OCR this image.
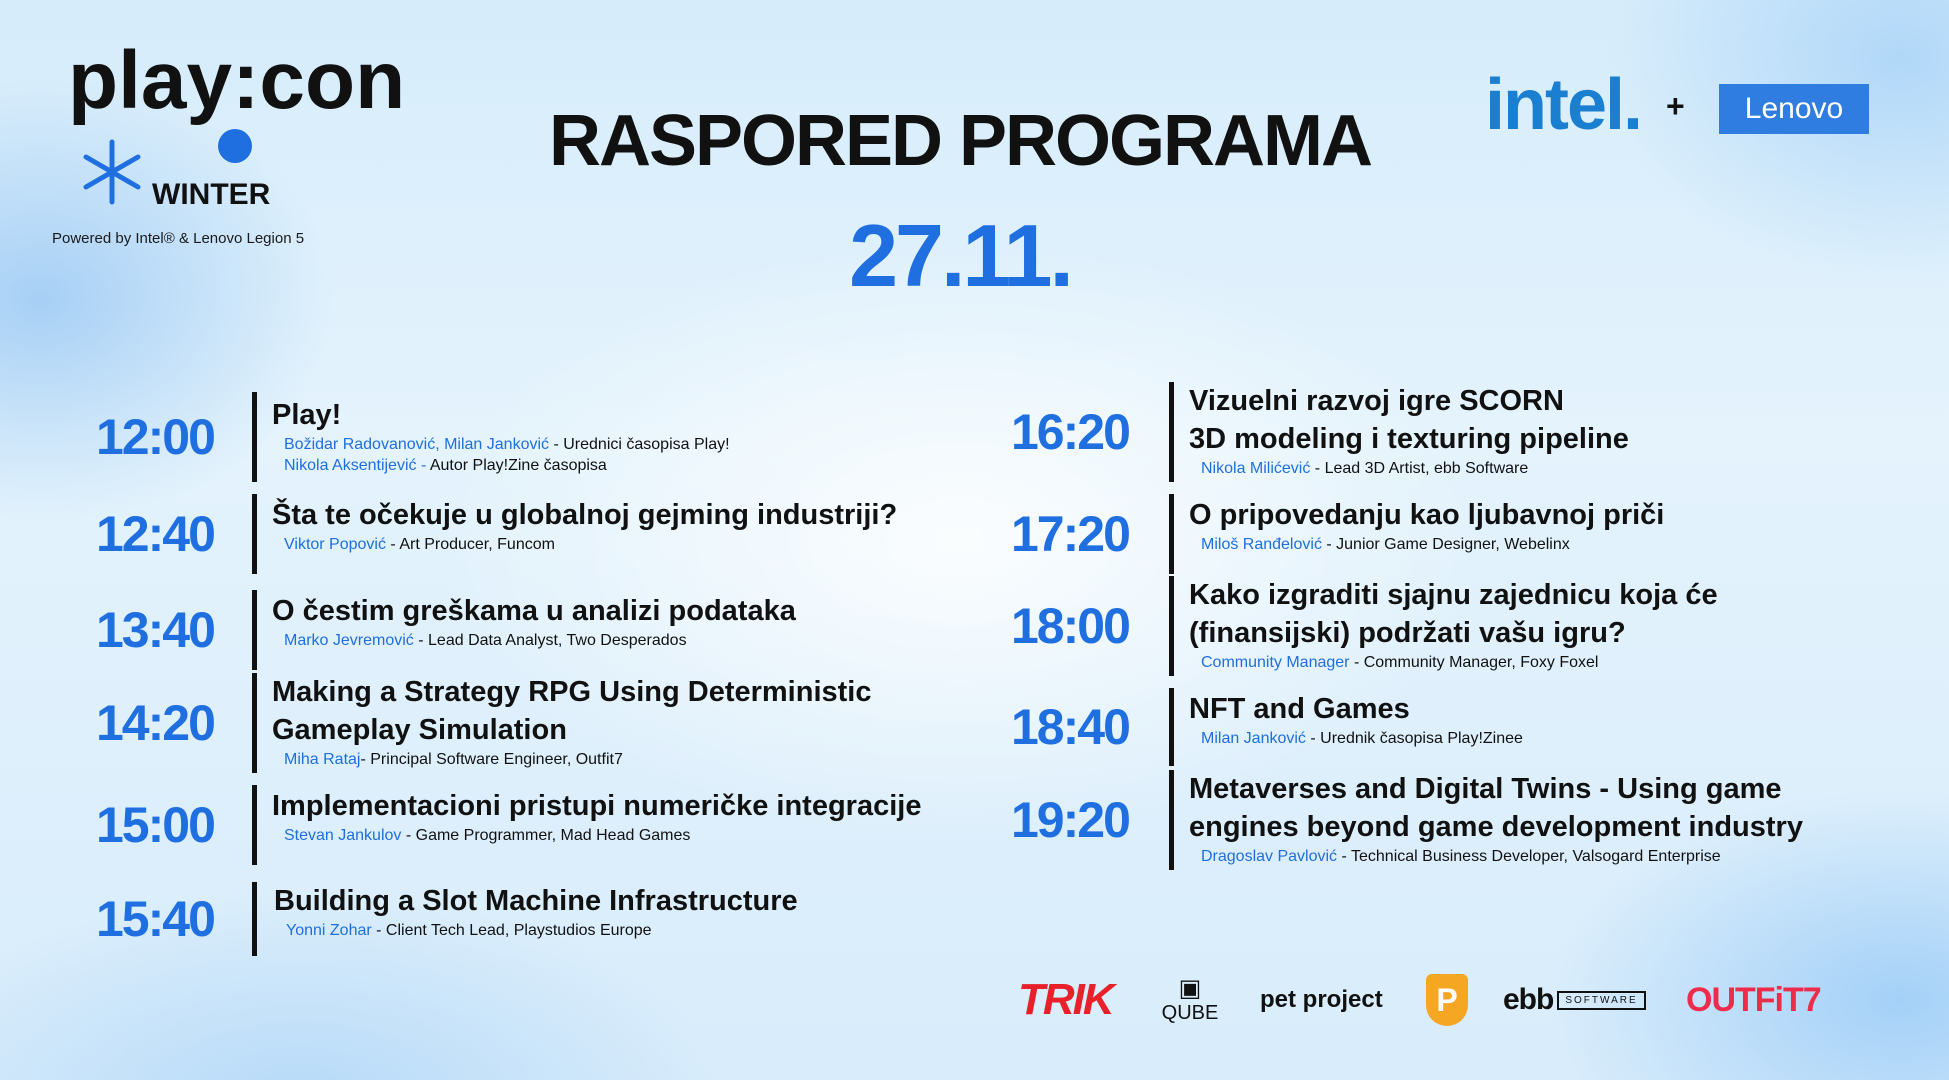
play:con
WINTER
Powered by Intel® & Lenovo Legion 5
RASPORED PROGRAMA
27.11.
intel. +	Lenovo
12:00 Play!
Božidar Radovanović, Milan Janković - Urednici časopisa Play!
Nikola Aksentijević - Autor Play!Zine časopisa
12:40 Šta te očekuje u globalnoj gejming industriji?
Viktor Popović - Art Producer, Funcom
13:40 O čestim greškama u analizi podataka
Marko Jevremović - Lead Data Analyst, Two Desperados
14:20
Making a Strategy RPG Using Deterministic
Gameplay Simulation
Miha Rataj- Principal Software Engineer, Outfit7
15:00 Implementacioni pristupi numeričke integracije
Stevan Jankulov - Game Programmer, Mad Head Games
15:40 Building a Slot Machine Infrastructure
Yonni Zohar - Client Tech Lead, Playstudios Europe
16:20
Vizuelni razvoj igre SCORN
3D modeling i texturing pipeline
Nikola Milićević - Lead 3D Artist, ebb Software
17:20 O pripovedanju kao ljubavnoj priči
Miloš Ranđelović - Junior Game Designer, Webelinx
18:00
Kako izgraditi sjajnu zajednicu koja će
(finansijski) podržati vašu igru?
Community Manager - Community Manager, Foxy Foxel
18:40 NFT and Games
Milan Janković - Urednik časopisa Play!Zinee
19:20
Metaverses and Digital Twins - Using game
engines beyond game development industry
Dragoslav Pavlović - Technical Business Developer, Valsogard Enterprise
TRIK	▣
QUBE pet project	P	ebb	SOFTWARE OUTFiT7
